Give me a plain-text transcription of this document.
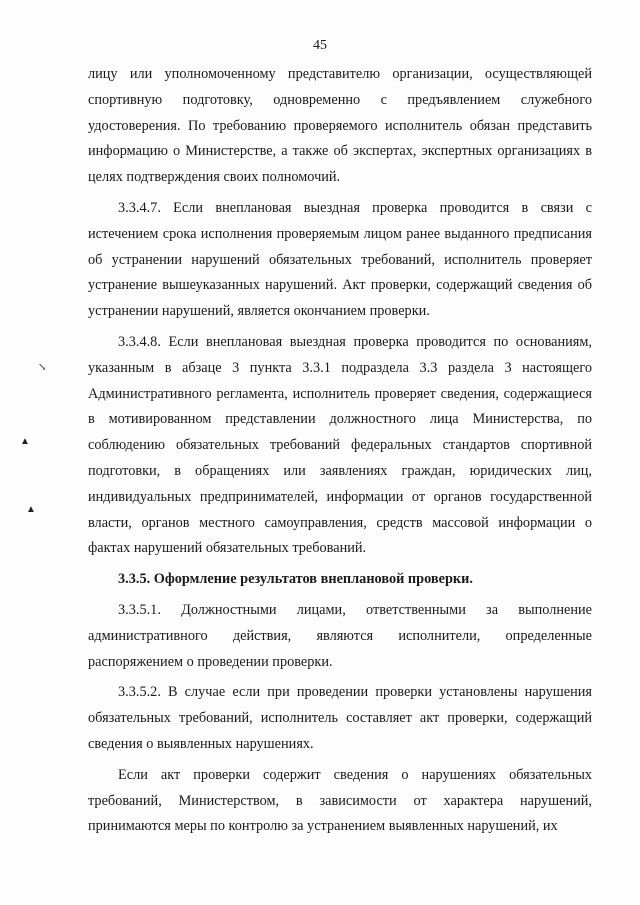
45
↘
▲
▲

лицу или уполномоченному представителю организации, осуществляющей спортивную подготовку, одновременно с предъявлением служебного удостоверения. По требованию проверяемого исполнитель обязан представить информацию о Министерстве, а также об экспертах, экспертных организациях в целях подтверждения своих полномочий.

3.3.4.7. Если внеплановая выездная проверка проводится в связи с истечением срока исполнения проверяемым лицом ранее выданного предписания об устранении нарушений обязательных требований, исполнитель проверяет устранение вышеуказанных нарушений. Акт проверки, содержащий сведения об устранении нарушений, является окончанием проверки.

3.3.4.8. Если внеплановая выездная проверка проводится по основаниям, указанным в абзаце 3 пункта 3.3.1 подраздела 3.3 раздела 3 настоящего Административного регламента, исполнитель проверяет сведения, содержащиеся в мотивированном представлении должностного лица Министерства, по соблюдению обязательных требований федеральных стандартов спортивной подготовки, в обращениях или заявлениях граждан, юридических лиц, индивидуальных предпринимателей, информации от органов государственной власти, органов местного самоуправления, средств массовой информации о фактах нарушений обязательных требований.

3.3.5. Оформление результатов внеплановой проверки.

3.3.5.1. Должностными лицами, ответственными за выполнение административного действия, являются исполнители, определенные распоряжением о проведении проверки.

3.3.5.2. В случае если при проведении проверки установлены нарушения обязательных требований, исполнитель составляет акт проверки, содержащий сведения о выявленных нарушениях.

Если акт проверки содержит сведения о нарушениях обязательных требований, Министерством, в зависимости от характера нарушений, принимаются меры по контролю за устранением выявленных нарушений, их
